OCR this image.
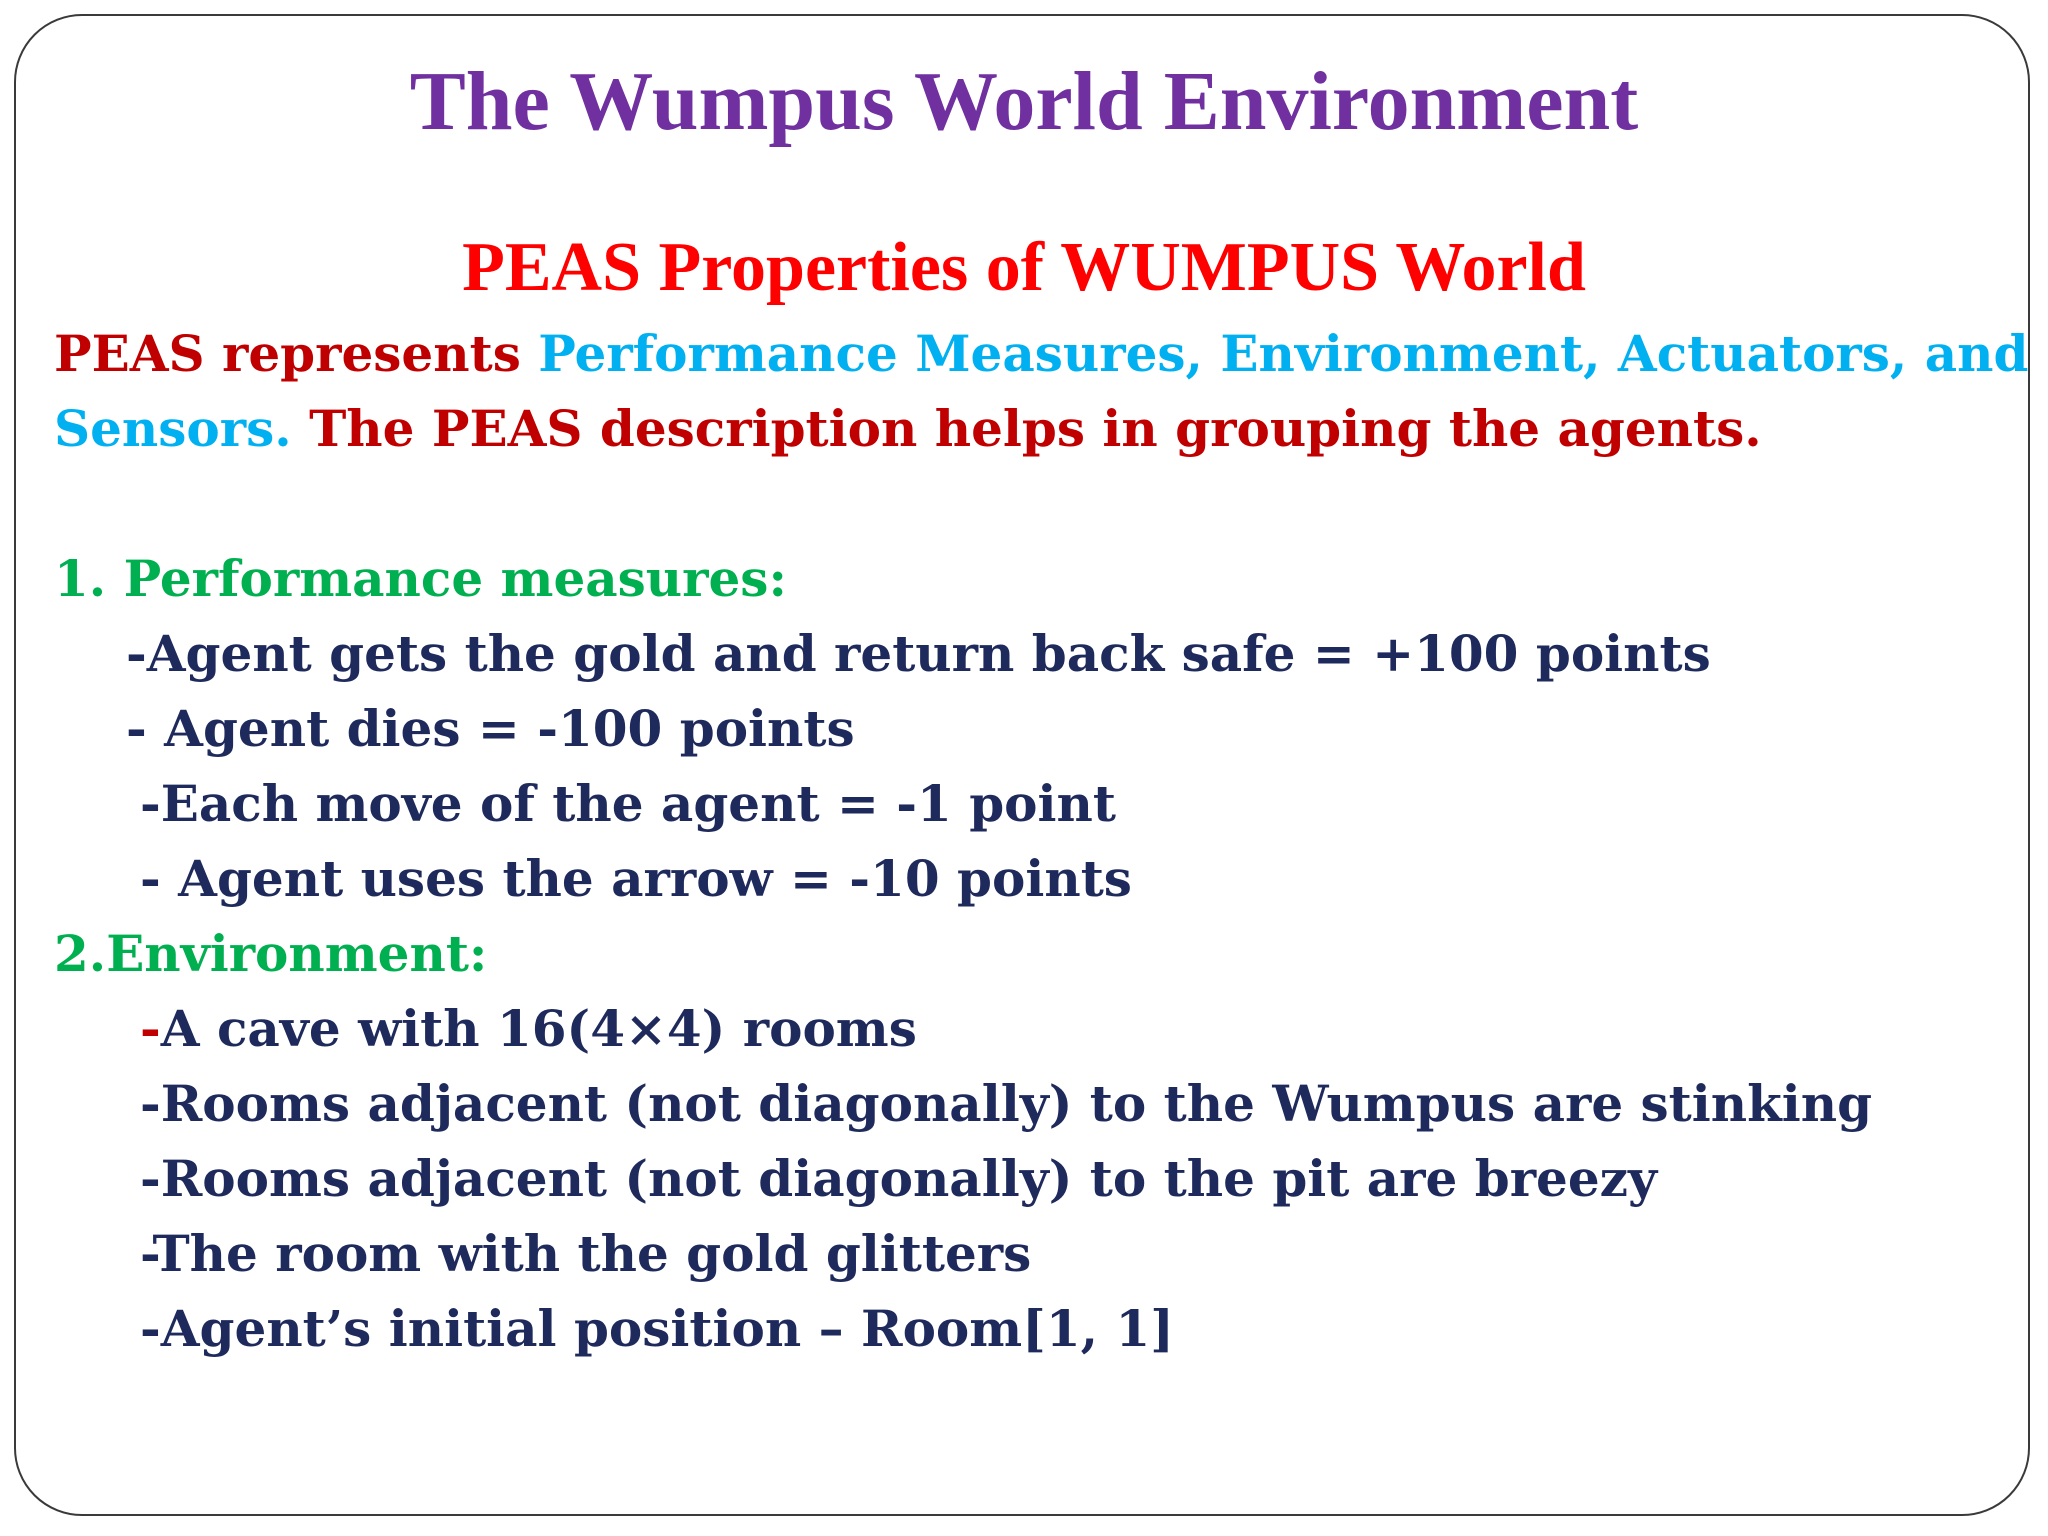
The Wumpus World Environment
PEAS Properties of WUMPUS World

PEAS represents Performance Measures, Environment, Actuators, and

Sensors. The PEAS description helps in grouping the agents.

1. Performance measures:

-Agent gets the gold and return back safe = +100 points

- Agent dies = -100 points

-Each move of the agent = -1 point

- Agent uses the arrow = -10 points

2.Environment:

-A cave with 16(4×4) rooms

-Rooms adjacent (not diagonally) to the Wumpus are stinking

-Rooms adjacent (not diagonally) to the pit are breezy

-The room with the gold glitters

-Agent’s initial position – Room[1, 1]
